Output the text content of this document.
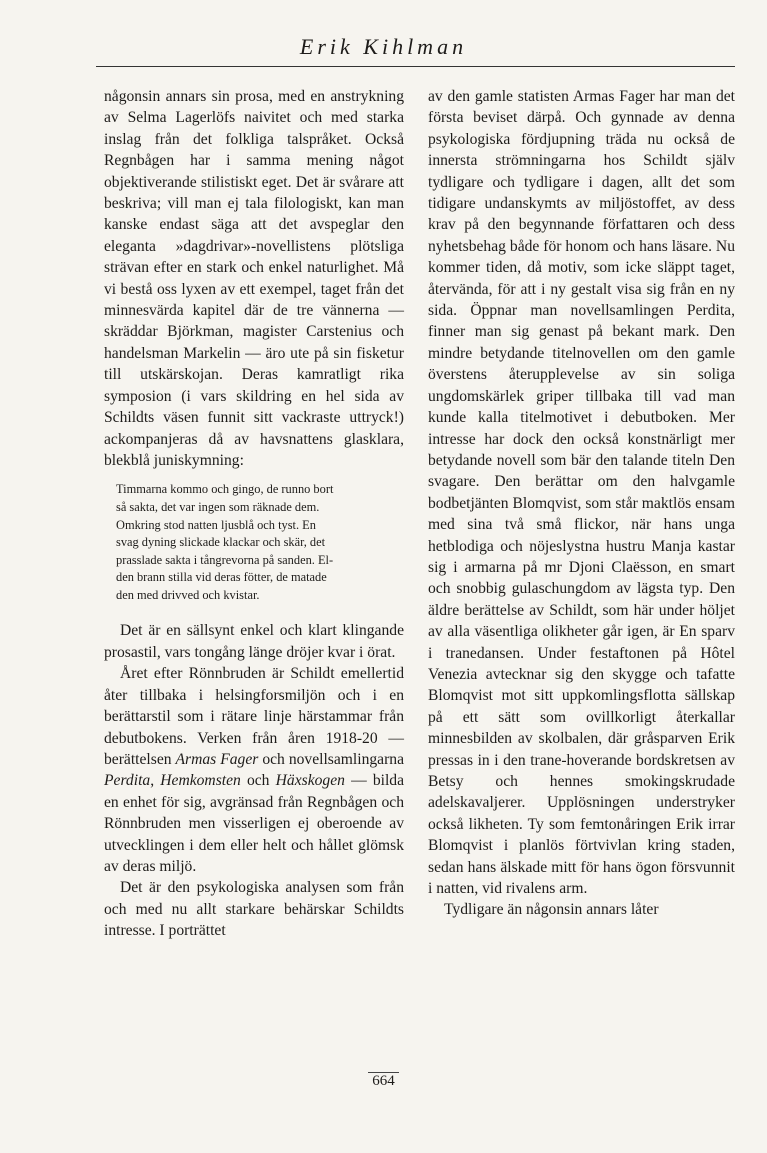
Erik Kihlman

någonsin annars sin prosa, med en anstrykning av Selma Lagerlöfs naivitet och med starka inslag från det folkliga talspråket. Också Regnbågen har i samma mening något objektiverande stilistiskt eget. Det är svårare att beskriva; vill man ej tala filologiskt, kan man kanske endast säga att det avspeglar den eleganta »dagdrivar»-novellistens plötsliga strävan efter en stark och enkel naturlighet. Må vi bestå oss lyxen av ett exempel, taget från det minnesvärda kapitel där de tre vännerna — skräddar Björkman, magister Carstenius och handelsman Markelin — äro ute på sin fisketur till utskärskojan. Deras kamratligt rika symposion (i vars skildring en hel sida av Schildts väsen funnit sitt vackraste uttryck!) ackompanjeras då av havsnattens glasklara, blekblå juniskymning:

Timmarna kommo och gingo, de runno bort
så sakta, det var ingen som räknade dem.
Omkring stod natten ljusblå och tyst. En
svag dyning slickade klackar och skär, det
prasslade sakta i tångrevorna på sanden. El-
den brann stilla vid deras fötter, de matade
den med drivved och kvistar.

Det är en sällsynt enkel och klart klingande prosastil, vars tongång länge dröjer kvar i örat.

Året efter Rönnbruden är Schildt emellertid åter tillbaka i helsingforsmiljön och i en berättarstil som i rätare linje härstammar från debutbokens. Verken från åren 1918-20 — berättelsen Armas Fager och novellsamlingarna Perdita, Hemkomsten och Häxskogen — bilda en enhet för sig, avgränsad från Regnbågen och Rönnbruden men visserligen ej oberoende av utvecklingen i dem eller helt och hållet glömsk av deras miljö.

Det är den psykologiska analysen som från och med nu allt starkare behärskar Schildts intresse. I porträttet

av den gamle statisten Armas Fager har man det första beviset därpå. Och gynnade av denna psykologiska fördjupning träda nu också de innersta strömningarna hos Schildt själv tydligare och tydligare i dagen, allt det som tidigare undanskymts av miljöstoffet, av dess krav på den begynnande författaren och dess nyhetsbehag både för honom och hans läsare. Nu kommer tiden, då motiv, som icke släppt taget, återvända, för att i ny gestalt visa sig från en ny sida. Öppnar man novellsamlingen Perdita, finner man sig genast på bekant mark. Den mindre betydande titelnovellen om den gamle överstens återupplevelse av sin soliga ungdomskärlek griper tillbaka till vad man kunde kalla titelmotivet i debutboken. Mer intresse har dock den också konstnärligt mer betydande novell som bär den talande titeln Den svagare. Den berättar om den halvgamle bodbetjänten Blomqvist, som står maktlös ensam med sina två små flickor, när hans unga hetblodiga och nöjeslystna hustru Manja kastar sig i armarna på mr Djoni Claësson, en smart och snobbig gulaschungdom av lägsta typ. Den äldre berättelse av Schildt, som här under höljet av alla väsentliga olikheter går igen, är En sparv i tranedansen. Under festaftonen på Hôtel Venezia avtecknar sig den skygge och tafatte Blomqvist mot sitt uppkomlingsflotta sällskap på ett sätt som ovillkorligt återkallar minnesbilden av skolbalen, där gråsparven Erik pressas in i den trane-hoverande bordskretsen av Betsy och hennes smokingskrudade adelskavaljerer. Upplösningen understryker också likheten. Ty som femtonåringen Erik irrar Blomqvist i planlös förtvivlan kring staden, sedan hans älskade mitt för hans ögon försvunnit i natten, vid rivalens arm.

Tydligare än någonsin annars låter

664
